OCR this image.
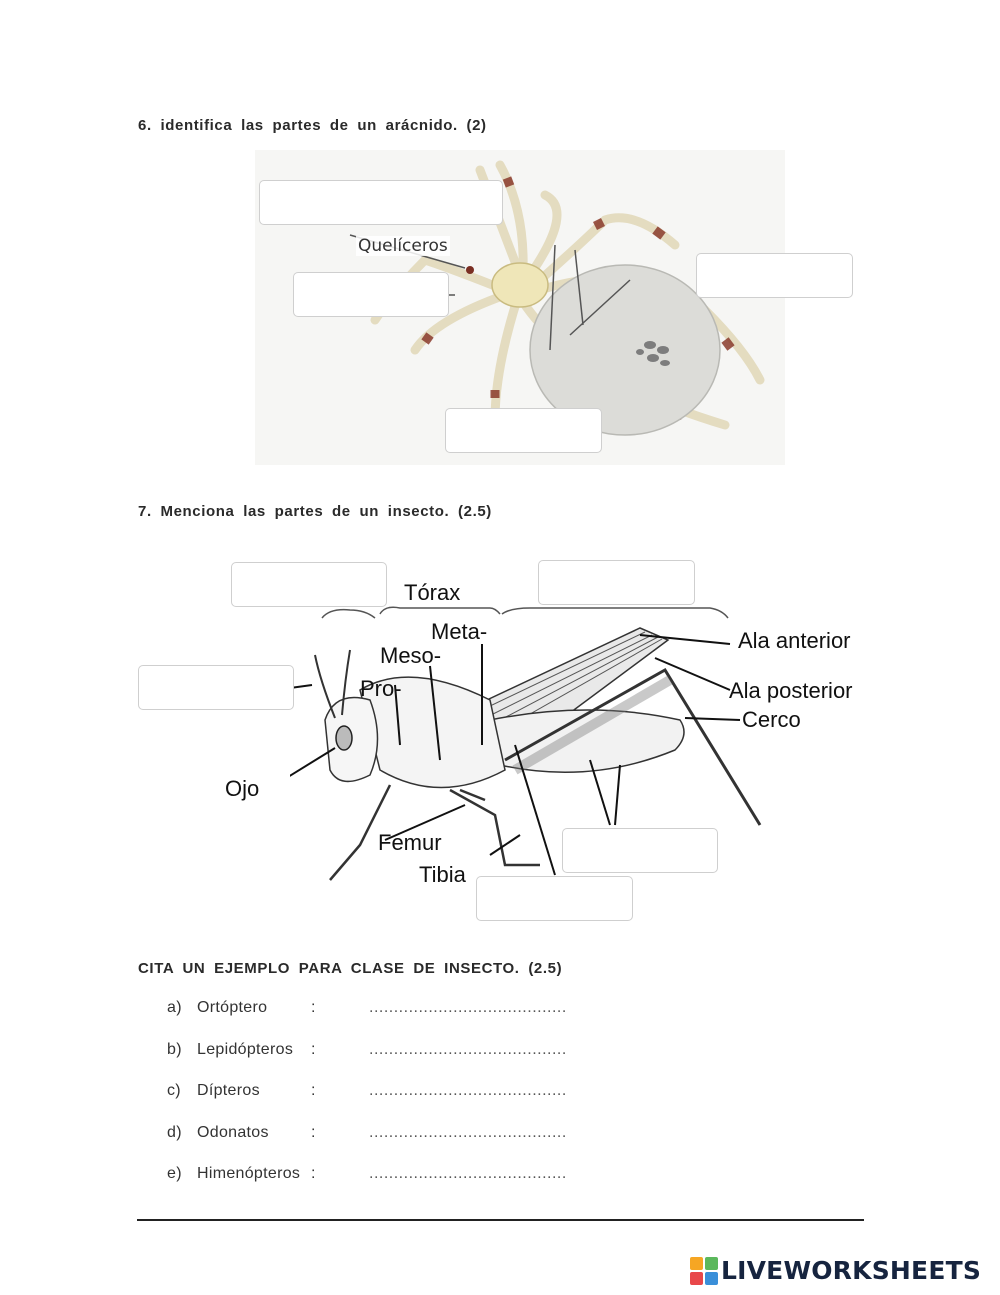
6. identifica las partes de un arácnido. (2)
Quelíceros
7. Menciona las partes de un insecto. (2.5)
Tórax
Meta-
Meso-
Pro-
Ala anterior
Ala posterior
Cerco
Ojo
Femur
Tibia
CITA UN EJEMPLO PARA CLASE DE INSECTO. (2.5)
a) Ortóptero	:	........................................
b) Lepidópteros :	........................................
c) Dípteros	:	........................................
d) Odonatos	:	........................................
e) Himenópteros :	........................................
LIVEWORKSHEETS
